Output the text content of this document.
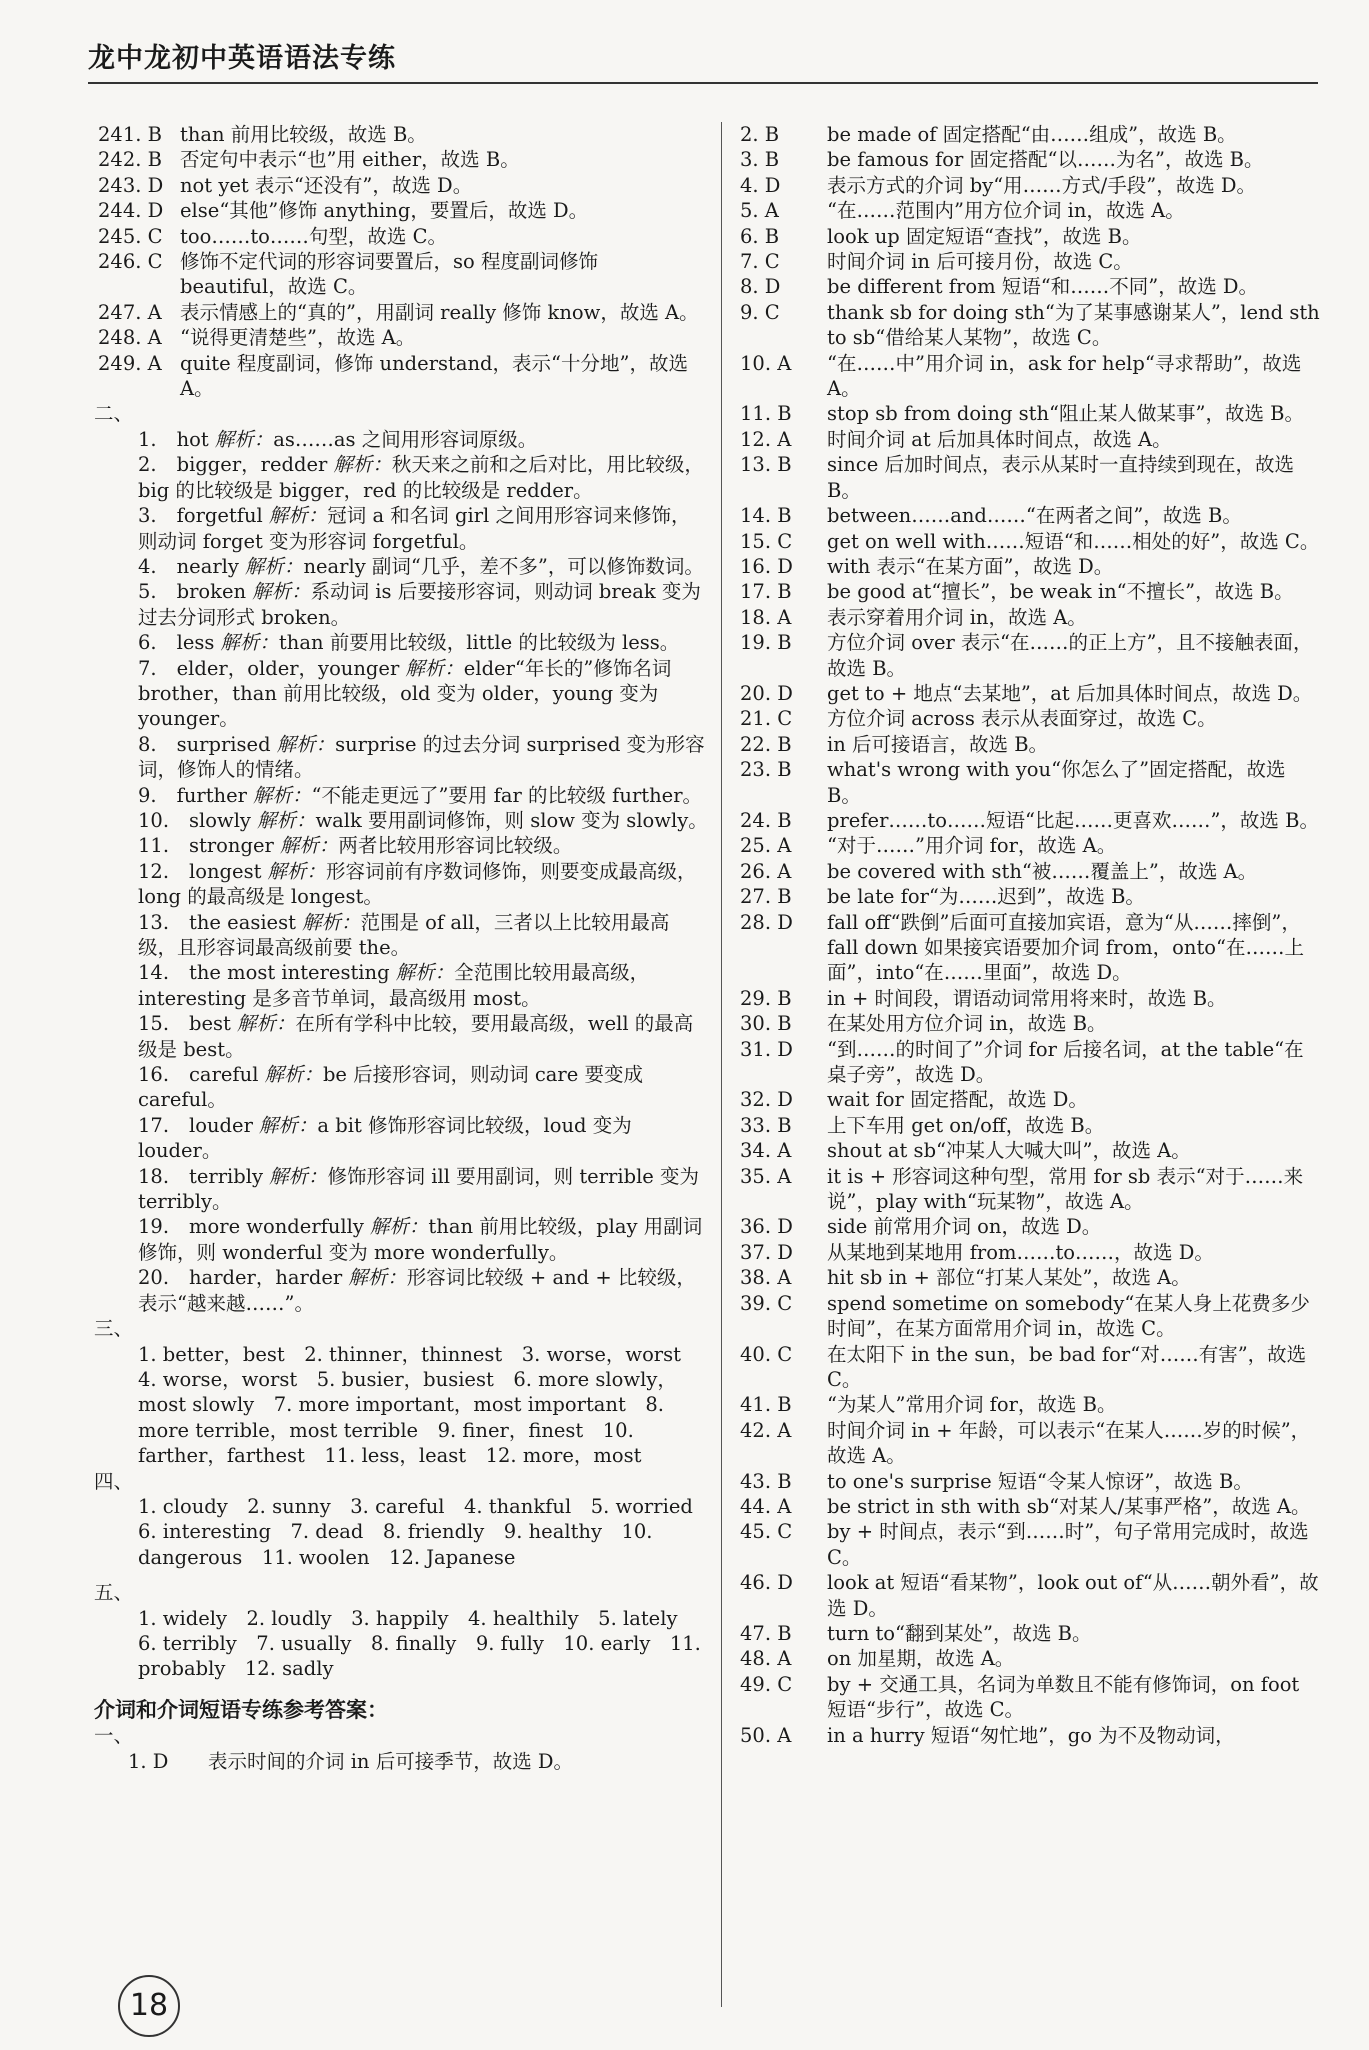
龙中龙初中英语语法专练
241. B than 前用比较级，故选 B。
242. B 否定句中表示“也”用 either，故选 B。
243. D not yet 表示“还没有”，故选 D。
244. D else“其他”修饰 anything，要置后，故选 D。
245. C too……to……句型，故选 C。
246. C 修饰不定代词的形容词要置后，so 程度副词修饰 beautiful，故选 C。
247. A 表示情感上的“真的”，用副词 really 修饰 know，故选 A。
248. A “说得更清楚些”，故选 A。
249. A quite 程度副词，修饰 understand，表示“十分地”，故选 A。
二、
1. hot 解析：as……as 之间用形容词原级。
2. bigger，redder 解析：秋天来之前和之后对比，用比较级，big 的比较级是 bigger，red 的比较级是 redder。
3. forgetful 解析：冠词 a 和名词 girl 之间用形容词来修饰，则动词 forget 变为形容词 forgetful。
4. nearly 解析：nearly 副词“几乎，差不多”，可以修饰数词。
5. broken 解析：系动词 is 后要接形容词，则动词 break 变为过去分词形式 broken。
6. less 解析：than 前要用比较级，little 的比较级为 less。
7. elder，older，younger 解析：elder“年长的”修饰名词 brother，than 前用比较级，old 变为 older，young 变为 younger。
8. surprised 解析：surprise 的过去分词 surprised 变为形容词，修饰人的情绪。
9. further 解析：“不能走更远了”要用 far 的比较级 further。
10. slowly 解析：walk 要用副词修饰，则 slow 变为 slowly。
11. stronger 解析：两者比较用形容词比较级。
12. longest 解析：形容词前有序数词修饰，则要变成最高级，long 的最高级是 longest。
13. the easiest 解析：范围是 of all，三者以上比较用最高级，且形容词最高级前要 the。
14. the most interesting 解析：全范围比较用最高级，interesting 是多音节单词，最高级用 most。
15. best 解析：在所有学科中比较，要用最高级，well 的最高级是 best。
16. careful 解析：be 后接形容词，则动词 care 要变成 careful。
17. louder 解析：a bit 修饰形容词比较级，loud 变为 louder。
18. terribly 解析：修饰形容词 ill 要用副词，则 terrible 变为 terribly。
19. more wonderfully 解析：than 前用比较级，play 用副词修饰，则 wonderful 变为 more wonderfully。
20. harder，harder 解析：形容词比较级 + and + 比较级，表示“越来越……”。
三、
1. better，best　2. thinner，thinnest　3. worse，worst　4. worse，worst　5. busier，busiest　6. more slowly，most slowly　7. more important，most important　8. more terrible，most terrible　9. finer，finest　10. farther，farthest　11. less，least　12. more，most
四、
1. cloudy　2. sunny　3. careful　4. thankful　5. worried　6. interesting　7. dead　8. friendly　9. healthy　10. dangerous　11. woolen　12. Japanese
五、
1. widely　2. loudly　3. happily　4. healthily　5. lately　6. terribly　7. usually　8. finally　9. fully　10. early　11. probably　12. sadly
介词和介词短语专练参考答案：
一、
1. D	表示时间的介词 in 后可接季节，故选 D。
2. B	be made of 固定搭配“由……组成”，故选 B。
3. B	be famous for 固定搭配“以……为名”，故选 B。
4. D	表示方式的介词 by“用……方式/手段”，故选 D。
5. A	“在……范围内”用方位介词 in，故选 A。
6. B	look up 固定短语“查找”，故选 B。
7. C	时间介词 in 后可接月份，故选 C。
8. D	be different from 短语“和……不同”，故选 D。
9. C	thank sb for doing sth“为了某事感谢某人”，lend sth to sb“借给某人某物”，故选 C。
10. A	“在……中”用介词 in，ask for help“寻求帮助”，故选 A。
11. B	stop sb from doing sth“阻止某人做某事”，故选 B。
12. A	时间介词 at 后加具体时间点，故选 A。
13. B	since 后加时间点，表示从某时一直持续到现在，故选 B。
14. B	between……and……“在两者之间”，故选 B。
15. C	get on well with……短语“和……相处的好”，故选 C。
16. D	with 表示“在某方面”，故选 D。
17. B	be good at“擅长”，be weak in“不擅长”，故选 B。
18. A	表示穿着用介词 in，故选 A。
19. B	方位介词 over 表示“在……的正上方”，且不接触表面，故选 B。
20. D	get to + 地点“去某地”，at 后加具体时间点，故选 D。
21. C	方位介词 across 表示从表面穿过，故选 C。
22. B	in 后可接语言，故选 B。
23. B	what's wrong with you“你怎么了”固定搭配，故选 B。
24. B	prefer……to……短语“比起……更喜欢……”，故选 B。
25. A	“对于……”用介词 for，故选 A。
26. A	be covered with sth“被……覆盖上”，故选 A。
27. B	be late for“为……迟到”，故选 B。
28. D	fall off“跌倒”后面可直接加宾语，意为“从……摔倒”，fall down 如果接宾语要加介词 from，onto“在……上面”，into“在……里面”，故选 D。
29. B	in + 时间段，谓语动词常用将来时，故选 B。
30. B	在某处用方位介词 in，故选 B。
31. D	“到……的时间了”介词 for 后接名词，at the table“在桌子旁”，故选 D。
32. D	wait for 固定搭配，故选 D。
33. B	上下车用 get on/off，故选 B。
34. A	shout at sb“冲某人大喊大叫”，故选 A。
35. A	it is + 形容词这种句型，常用 for sb 表示“对于……来说”，play with“玩某物”，故选 A。
36. D	side 前常用介词 on，故选 D。
37. D	从某地到某地用 from……to……，故选 D。
38. A	hit sb in + 部位“打某人某处”，故选 A。
39. C	spend sometime on somebody“在某人身上花费多少时间”，在某方面常用介词 in，故选 C。
40. C	在太阳下 in the sun，be bad for“对……有害”，故选 C。
41. B	“为某人”常用介词 for，故选 B。
42. A	时间介词 in + 年龄，可以表示“在某人……岁的时候”，故选 A。
43. B	to one's surprise 短语“令某人惊讶”，故选 B。
44. A	be strict in sth with sb“对某人/某事严格”，故选 A。
45. C	by + 时间点，表示“到……时”，句子常用完成时，故选 C。
46. D	look at 短语“看某物”，look out of“从……朝外看”，故选 D。
47. B	turn to“翻到某处”，故选 B。
48. A	on 加星期，故选 A。
49. C	by + 交通工具，名词为单数且不能有修饰词，on foot 短语“步行”，故选 C。
50. A	in a hurry 短语“匆忙地”，go 为不及物动词，
18
